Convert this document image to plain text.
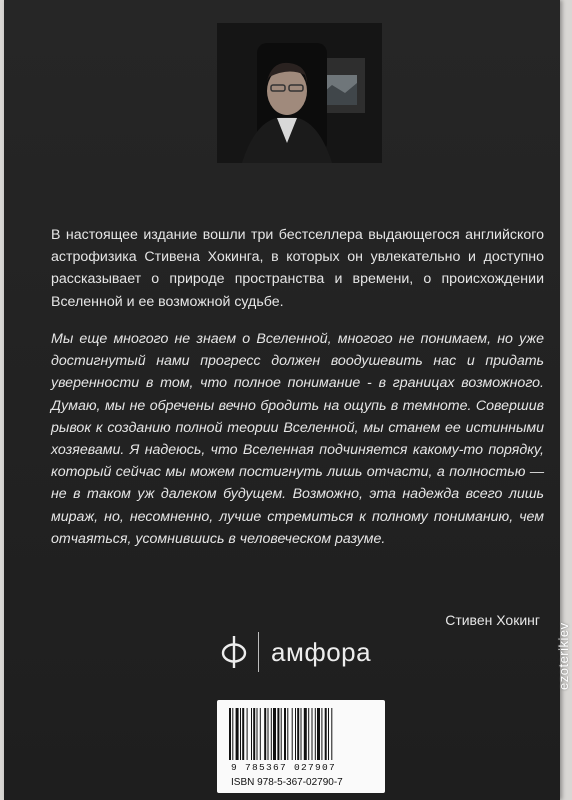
В настоящее издание вошли три бестселлера выдающегося английского астрофизика Стивена Хокинга, в которых он увлекательно и доступно рассказывает о природе пространства и времени, о происхождении Вселенной и ее возможной судьбе.
Мы еще многого не знаем о Вселенной, многого не понимаем, но уже достигнутый нами прогресс должен воодушевить нас и придать уверенности в том, что полное понимание - в границах возможного. Думаю, мы не обречены вечно бродить на ощупь в темноте. Совершив рывок к созданию полной теории Вселенной, мы станем ее истинными хозяевами. Я надеюсь, что Вселенная подчиняется какому-то порядку, который сейчас мы можем постигнуть лишь отчасти, а полностью — не в таком уж далеком будущем. Возможно, эта надежда всего лишь мираж, но, несомненно, лучше стремиться к полному пониманию, чем отчаяться, усомнившись в человеческом разуме.
Стивен Хокинг
амфора
9 785367 027907
ISBN 978-5-367-02790-7
ezoterikiev
